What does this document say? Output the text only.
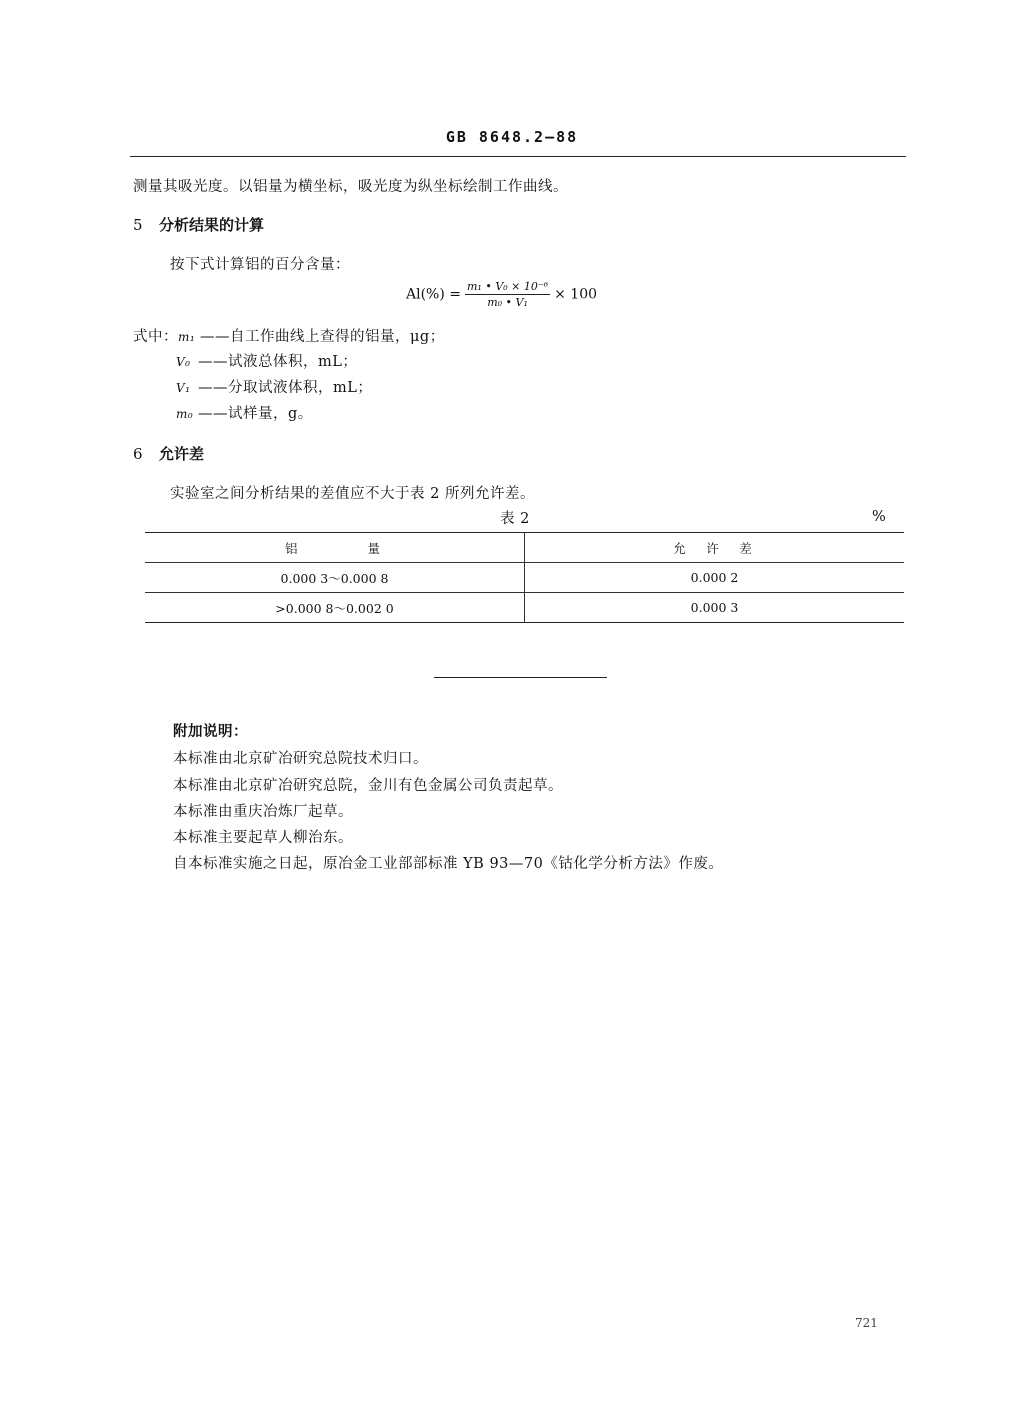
GB 8648.2—88
测量其吸光度。以铝量为横坐标，吸光度为纵坐标绘制工作曲线。
5 分析结果的计算
按下式计算铝的百分含量：
$Al(\%) = \frac{\text{m₁ • V₀ × 10⁻⁶}}{\text{m₀ • V₁}} \times 100$
式中：m₁ ——自工作曲线上查得的铝量，μg；
V₀ ——试液总体积，mL；
V₁ ——分取试液体积，mL；
m₀ ——试样量，g。
6 允许差
实验室之间分析结果的差值应不大于表 2 所列允许差。
表 2	%
铝　　　　量	允　许　差
0.000 3～0.000 8	0.000 2
>0.000 8～0.002 0	0.000 3
附加说明：
本标准由北京矿冶研究总院技术归口。
本标准由北京矿冶研究总院，金川有色金属公司负责起草。
本标准由重庆冶炼厂起草。
本标准主要起草人柳治东。
自本标准实施之日起，原冶金工业部部标准 YB 93—70《钴化学分析方法》作废。
721
